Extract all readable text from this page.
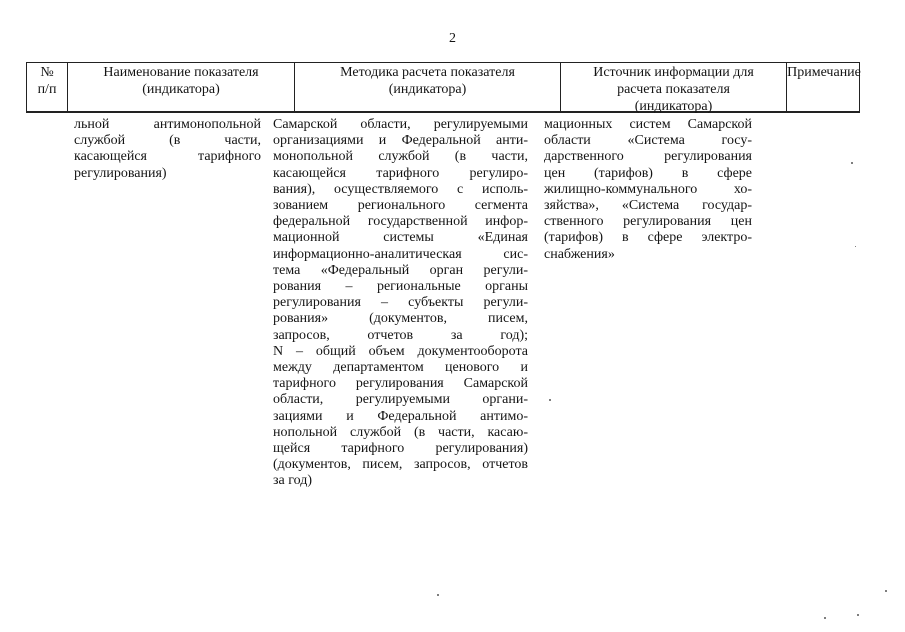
2
№
п/п
Наименование показателя
(индикатора)
Методика расчета показателя
(индикатора)
Источник информации для
расчета показателя
(индикатора)
Примечание
льной антимонопольной
службой (в части,
касающейся тарифного
регулирования)
Самарской области, регулируемыми
организациями и Федеральной анти-
монопольной службой (в части,
касающейся тарифного регулиро-
вания), осуществляемого с исполь-
зованием регионального сегмента
федеральной государственной инфор-
мационной системы «Единая
информационно-аналитическая сис-
тема «Федеральный орган регули-
рования – региональные органы
регулирования – субъекты регули-
рования» (документов, писем,
запросов, отчетов за год);
N – общий объем документооборота
между департаментом ценового и
тарифного регулирования Самарской
области, регулируемыми органи-
зациями и Федеральной антимо-
нопольной службой (в части, касаю-
щейся тарифного регулирования)
(документов, писем, запросов, отчетов
за год)
мационных систем Самарской
области «Система госу-
дарственного регулирования
цен (тарифов) в сфере
жилищно-коммунального хо-
зяйства», «Система государ-
ственного регулирования цен
(тарифов) в сфере электро-
снабжения»
